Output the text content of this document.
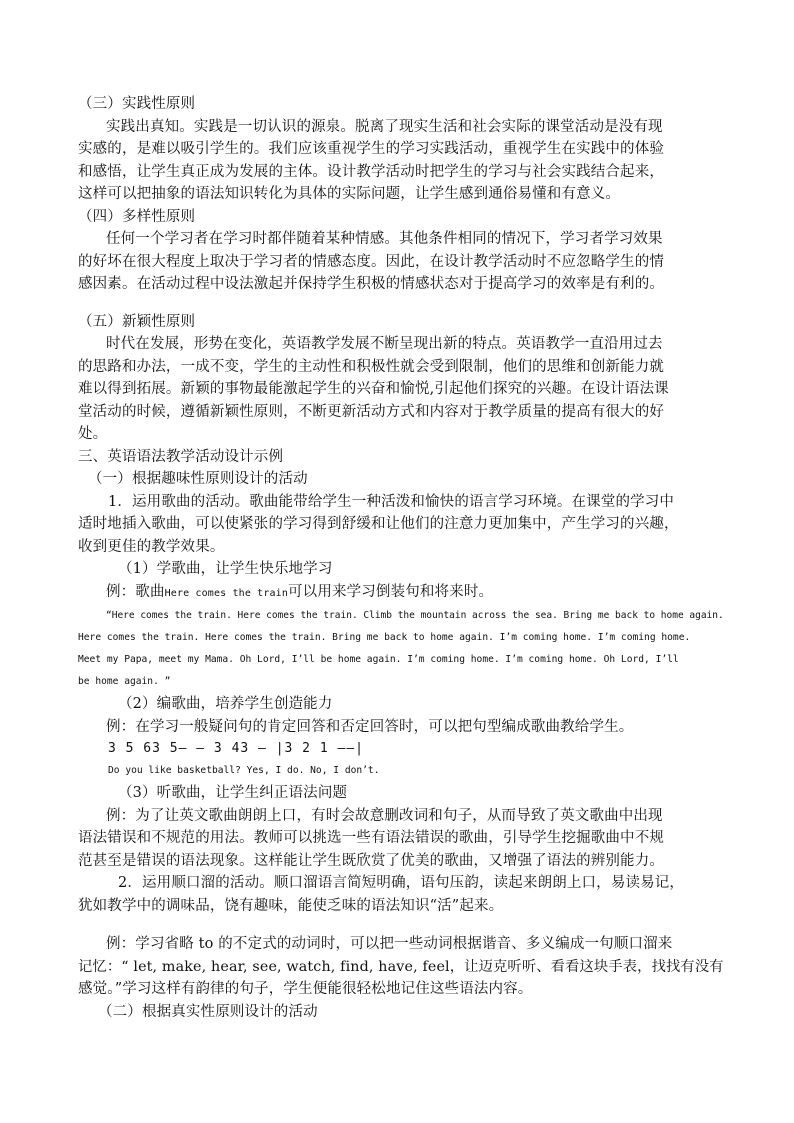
（三）实践性原则

实践出真知。实践是一切认识的源泉。脱离了现实生活和社会实际的课堂活动是没有现

实感的，是难以吸引学生的。我们应该重视学生的学习实践活动，重视学生在实践中的体验

和感悟，让学生真正成为发展的主体。设计教学活动时把学生的学习与社会实践结合起来，

这样可以把抽象的语法知识转化为具体的实际问题，让学生感到通俗易懂和有意义。

（四）多样性原则

任何一个学习者在学习时都伴随着某种情感。其他条件相同的情况下，学习者学习效果

的好坏在很大程度上取决于学习者的情感态度。因此，在设计教学活动时不应忽略学生的情

感因素。在活动过程中设法激起并保持学生积极的情感状态对于提高学习的效率是有利的。

（五）新颖性原则

时代在发展，形势在变化，英语教学发展不断呈现出新的特点。英语教学一直沿用过去

的思路和办法，一成不变，学生的主动性和积极性就会受到限制，他们的思维和创新能力就

难以得到拓展。新颖的事物最能激起学生的兴奋和愉悦,引起他们探究的兴趣。在设计语法课

堂活动的时候，遵循新颖性原则，不断更新活动方式和内容对于教学质量的提高有很大的好

处。

三、英语语法教学活动设计示例

（一）根据趣味性原则设计的活动

1．运用歌曲的活动。歌曲能带给学生一种活泼和愉快的语言学习环境。在课堂的学习中

适时地插入歌曲，可以使紧张的学习得到舒缓和让他们的注意力更加集中，产生学习的兴趣，

收到更佳的教学效果。

（1）学歌曲，让学生快乐地学习

例：歌曲Here comes the train可以用来学习倒装句和将来时。

“Here comes the train. Here comes the train. Climb the mountain across the sea. Bring me back to home again.

Here comes the train. Here comes the train. Bring me back to home again. I’m coming home. I’m coming home.

Meet my Papa, meet my Mama. Oh Lord, I’ll be home again. I’m coming home. I’m coming home. Oh Lord, I’ll

be home again. ”

（2）编歌曲，培养学生创造能力

例：在学习一般疑问句的肯定回答和否定回答时，可以把句型编成歌曲教给学生。

3 5 63 5— — 3 43 — |3 2 1 ——|

Do you like basketball? Yes, I do. No, I don’t.

（3）听歌曲，让学生纠正语法问题

例：为了让英文歌曲朗朗上口，有时会故意删改词和句子，从而导致了英文歌曲中出现

语法错误和不规范的用法。教师可以挑选一些有语法错误的歌曲，引导学生挖掘歌曲中不规

范甚至是错误的语法现象。这样能让学生既欣赏了优美的歌曲，又增强了语法的辨别能力。

2．运用顺口溜的活动。顺口溜语言简短明确，语句压韵，读起来朗朗上口，易读易记，

犹如教学中的调味品，饶有趣味，能使乏味的语法知识“活”起来。

例：学习省略 to 的不定式的动词时，可以把一些动词根据谐音、多义编成一句顺口溜来

记忆：“ let, make, hear, see, watch, find, have, feel，让迈克听听、看看这块手表，找找有没有

感觉。”学习这样有韵律的句子，学生便能很轻松地记住这些语法内容。

（二）根据真实性原则设计的活动
